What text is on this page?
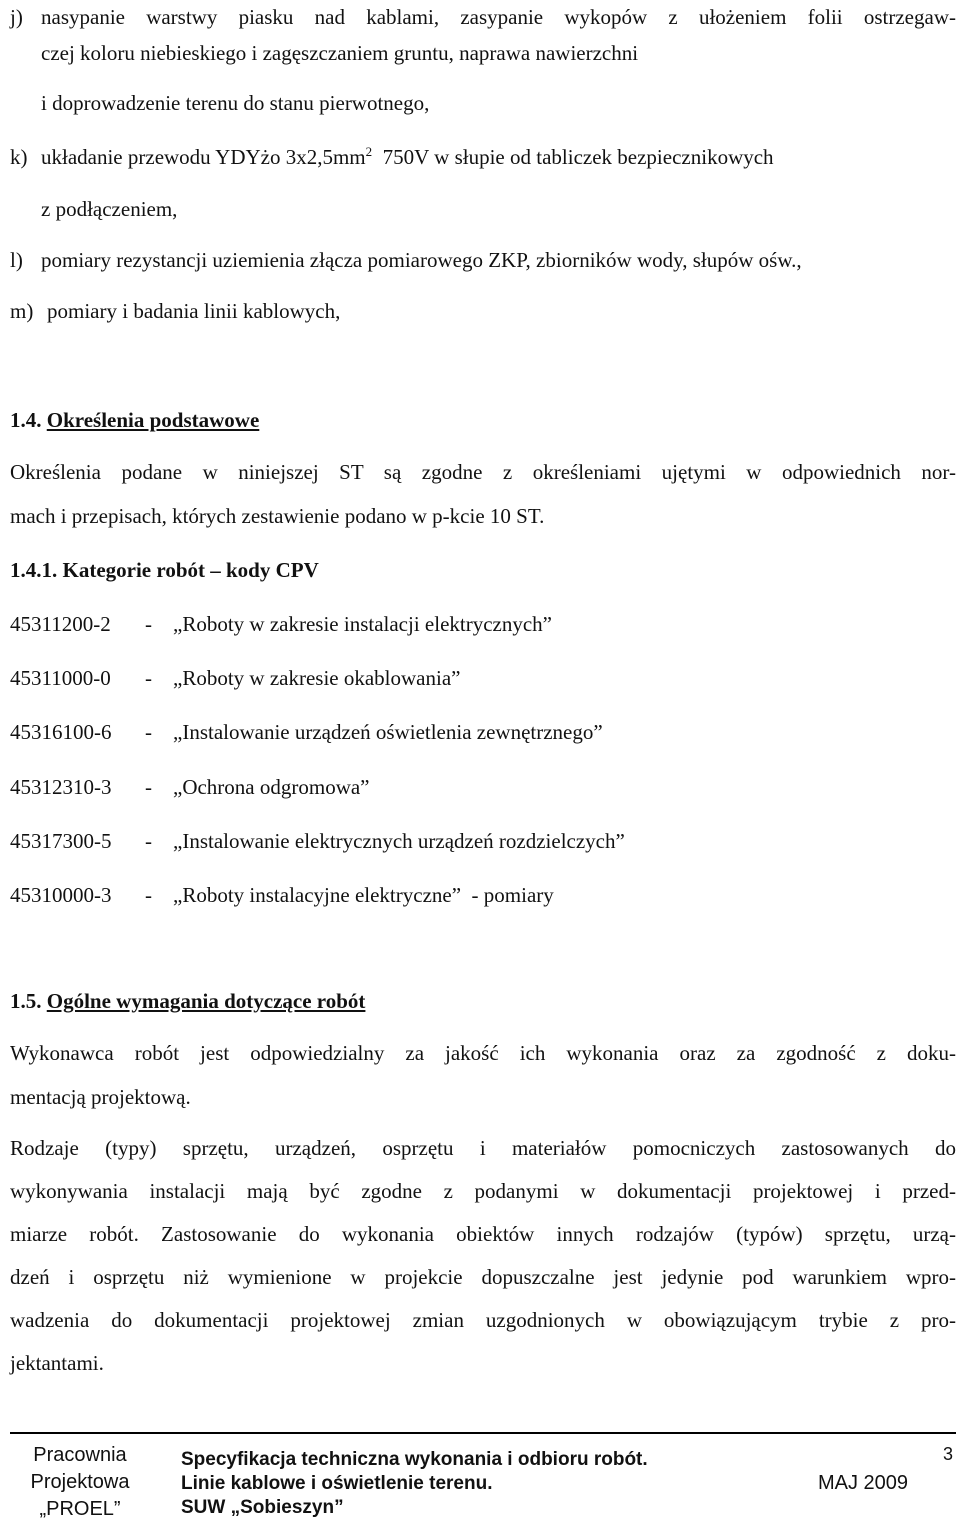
j) nasypanie warstwy piasku nad kablami, zasypanie wykopów z ułożeniem folii ostrzegaw-
czej koloru niebieskiego i zagęszczaniem gruntu, naprawa nawierzchni
i doprowadzenie terenu do stanu pierwotnego,
k) układanie przewodu YDYżo $3x2,5mm^2$  750V w słupie od tabliczek bezpiecznikowych
z podłączeniem,
l) pomiary rezystancji uziemienia złącza pomiarowego ZKP, zbiorników wody, słupów ośw.,
m) pomiary i badania linii kablowych,
1.4. Określenia podstawowe
Określenia podane w niniejszej ST są zgodne z określeniami ujętymi w odpowiednich nor-
mach i przepisach, których zestawienie podano w p-kcie 10 ST.
1.4.1. Kategorie robót – kody CPV
45311200-2 - „Roboty w zakresie instalacji elektrycznych”
45311000-0 - „Roboty w zakresie okablowania”
45316100-6 - „Instalowanie urządzeń oświetlenia zewnętrznego”
45312310-3 - „Ochrona odgromowa”
45317300-5 - „Instalowanie elektrycznych urządzeń rozdzielczych”
45310000-3 - „Roboty instalacyjne elektryczne”  - pomiary
1.5. Ogólne wymagania dotyczące robót
Wykonawca robót jest odpowiedzialny za jakość ich wykonania oraz za zgodność z doku-
mentacją projektową.
Rodzaje (typy) sprzętu, urządzeń, osprzętu i materiałów pomocniczych zastosowanych do
wykonywania instalacji mają być zgodne z podanymi w dokumentacji projektowej i przed-
miarze robót. Zastosowanie do wykonania obiektów innych rodzajów (typów) sprzętu, urzą-
dzeń i osprzętu niż wymienione w projekcie dopuszczalne jest jedynie pod warunkiem wpro-
wadzenia do dokumentacji projektowej zmian uzgodnionych w obowiązującym trybie z pro-
jektantami.
Pracownia
Projektowa
„PROEL”
Specyfikacja techniczna wykonania i odbioru robót.
Linie kablowe i oświetlenie terenu.
SUW „Sobieszyn”
MAJ 2009
3
